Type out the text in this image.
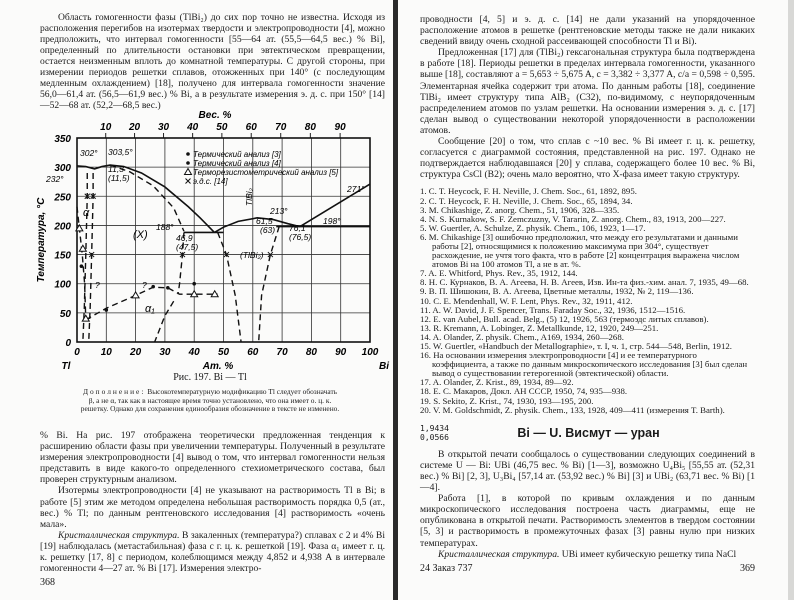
Область гомогенности фазы (TlBi₂) до сих пор точно не известна. Исходя из расположения перегибов на изотермах твердости и электропроводности [4], можно предположить, что интервал гомогенности [55—64 ат. (55,5—64,5 вес.) % Bi], определенный по длительности остановки при эвтектическом превращении, остается неизменным вплоть до комнатной температуры. С другой стороны, при измерении периодов решетки сплавов, отожженных при 140° (с последующим медленным охлаждением) [18], получено для интервала гомогенности значение 56,0—61,4 ат. (56,5—61,9 вес.) % Bi, а в результате измерения э. д. с. при 150° [14]—52—68 ат. (52,2—68,5 вес.)

0 10 20 30 40 50 60 70 80 90 100
0
50
100
150
200
250
300
350
10 20 30 40 50 60 70 80 90
Вес. %
Ат. %
Tl	Bi
Температура, °C
Термический анализ [3]
Термический анализ [4]
Терморезистометрический анализ [5]
э.д.с. [14]
302° 303,5°
11,3
(11,5)
232°
α
(X)
α₁
188°
46,9
(47,5)
TlBi₂
213°
61,5
(63)
(TlBi₂)
76,1
(76,5)
198°
271°
?	?
Рис. 197. Bi — Tl
Дополнение: Высокотемпературную модификацию Tl следует обозначать β, а не α, так как в настоящее время точно установлено, что она имеет о. ц. к. решетку. Однако для сохранения единообразия обозначение в тексте не изменено.

% Bi. На рис. 197 отображена теоретически предложенная тенденция к расширению области фазы при увеличении температуры. Полученный в результате измерения электропроводности [4] вывод о том, что интервал гомогенности нельзя представить в виде какого-то определенного стехиометрического состава, был проверен структурным анализом.

Изотермы электропроводности [4] не указывают на растворимость Tl в Bi; в работе [5] этим же методом определена небольшая растворимость порядка 0,5 (ат., вес.) % Tl; по данным рентгеновского исследования [4] растворимость «очень мала».

Кристаллическая структура. В закаленных (температура?) сплавах с 2 и 4% Bi [19] наблюдалась (метастабильная) фаза с г. ц. к. решеткой [19]. Фаза α₁ имеет г. ц. к. решетку [17, 8] с периодом, колеблющимся между 4,852 и 4,938 А в интервале гомогенности 4—27 ат. % Bi [17]. Измерения электро-

368

проводности [4, 5] и э. д. с. [14] не дали указаний на упорядоченное расположение атомов в решетке (рентгеновские методы также не дали никаких сведений ввиду очень сходной рассеивающей способности Tl и Bi).

Предложенная [17] для (TlBi₂) гексагональная структура была подтверждена в работе [18]. Периоды решетки в пределах интервала гомогенности, указанного выше [18], составляют a = 5,653 ÷ 5,675 A, c = 3,382 ÷ 3,377 A, c/a = 0,598 ÷ 0,595. Элементарная ячейка содержит три атома. По данным работы [18], соединение TlBi₂ имеет структуру типа AlB₂ (C32), по-видимому, с неупорядоченным распределением атомов по узлам решетки. На основании измерения э. д. с. [17] сделан вывод о существовании некоторой упорядоченности в расположении атомов.

Сообщение [20] о том, что сплав с ~10 вес. % Bi имеет г. ц. к. решетку, согласуется с диаграммой состояния, представленной на рис. 197. Однако не подтверждается наблюдавшаяся [20] у сплава, содержащего более 10 вес. % Bi, структура CsCl (B2); очень мало вероятно, что X-фаза имеет такую структуру.

1. C. T. Heycock, F. H. Neville, J. Chem. Soc., 61, 1892, 895.

2. C. T. Heycock, F. H. Neville, J. Chem. Soc., 65, 1894, 34.

3. M. Chikashige, Z. anorg. Chem., 51, 1906, 328—335.

4. N. S. Kurnakow, S. F. Zemczuzny, V. Tararin, Z. anorg. Chem., 83, 1913, 200—227.

5. W. Guertler, A. Schulze, Z. physik. Chem., 106, 1923, 1—17.

6. M. Chikashige [3] ошибочно предположил, что между его результатами и данными работы [2], относящимися к положению максимума при 304°, существует расхождение, не учтя того факта, что в работе [2] концентрация выражена числом атомов Bi на 100 атомов Tl, а не в ат. %.

7. A. E. Whitford, Phys. Rev., 35, 1912, 144.

8. Н. С. Курнаков, В. А. Агеева, Н. В. Агеев, Изв. Ин-та физ.-хим. анал. 7, 1935, 49—68.

9. В. П. Шишокин, В. А. Агеева, Цветные металлы, 1932, № 2, 119—136.

10. C. E. Mendenhall, W. F. Lent, Phys. Rev., 32, 1911, 412.

11. A. W. David, J. F. Spencer, Trans. Faraday Soc., 32, 1936, 1512—1516.

12. E. van Aubel, Bull. acad. Belg., (5) 12, 1926, 563 (термоэдс литых сплавов).

13. R. Kremann, A. Lobinger, Z. Metallkunde, 12, 1920, 249—251.

14. A. Olander, Z. physik. Chem., A169, 1934, 260—268.

15. W. Guertler, «Handbuch der Metallographie», т. I, ч. 1, стр. 544—548, Berlin, 1912.

16. На основании измерения электропроводности [4] и ее температурного коэффициента, а также по данным микроскопического исследования [3] был сделан вывод о существовании гетерогенной (эвтектической) области.

17. A. Olander, Z. Krist., 89, 1934, 89—92.

18. Е. С. Макаров, Докл. АН СССР, 1950, 74, 935—938.

19. S. Sekito, Z. Krist., 74, 1930, 193—195, 200.

20. V. M. Goldschmidt, Z. physik. Chem., 133, 1928, 409—411 (измерения T. Barth).

1,9434
0,0566	Bi — U. Висмут — уран

В открытой печати сообщалось о существовании следующих соединений в системе U — Bi: UBi (46,75 вес. % Bi) [1—3], возможно U₄Bi₅ [55,55 ат. (52,31 вес.) % Bi] [2, 3], U₃Bi₄ [57,14 ат. (53,92 вес.) % Bi] [3] и UBi₂ (63,71 вес. % Bi) [1—4].

Работа [1], в которой по кривым охлаждения и по данным микроскопического исследования построена часть диаграммы, еще не опубликована в открытой печати. Растворимость элементов в твердом состоянии [5, 3] и растворимость в промежуточных фазах [3] равны нулю при низких температурах.

Кристаллическая структура. UBi имеет кубическую решетку типа NaCl

24 Заказ 737	369
